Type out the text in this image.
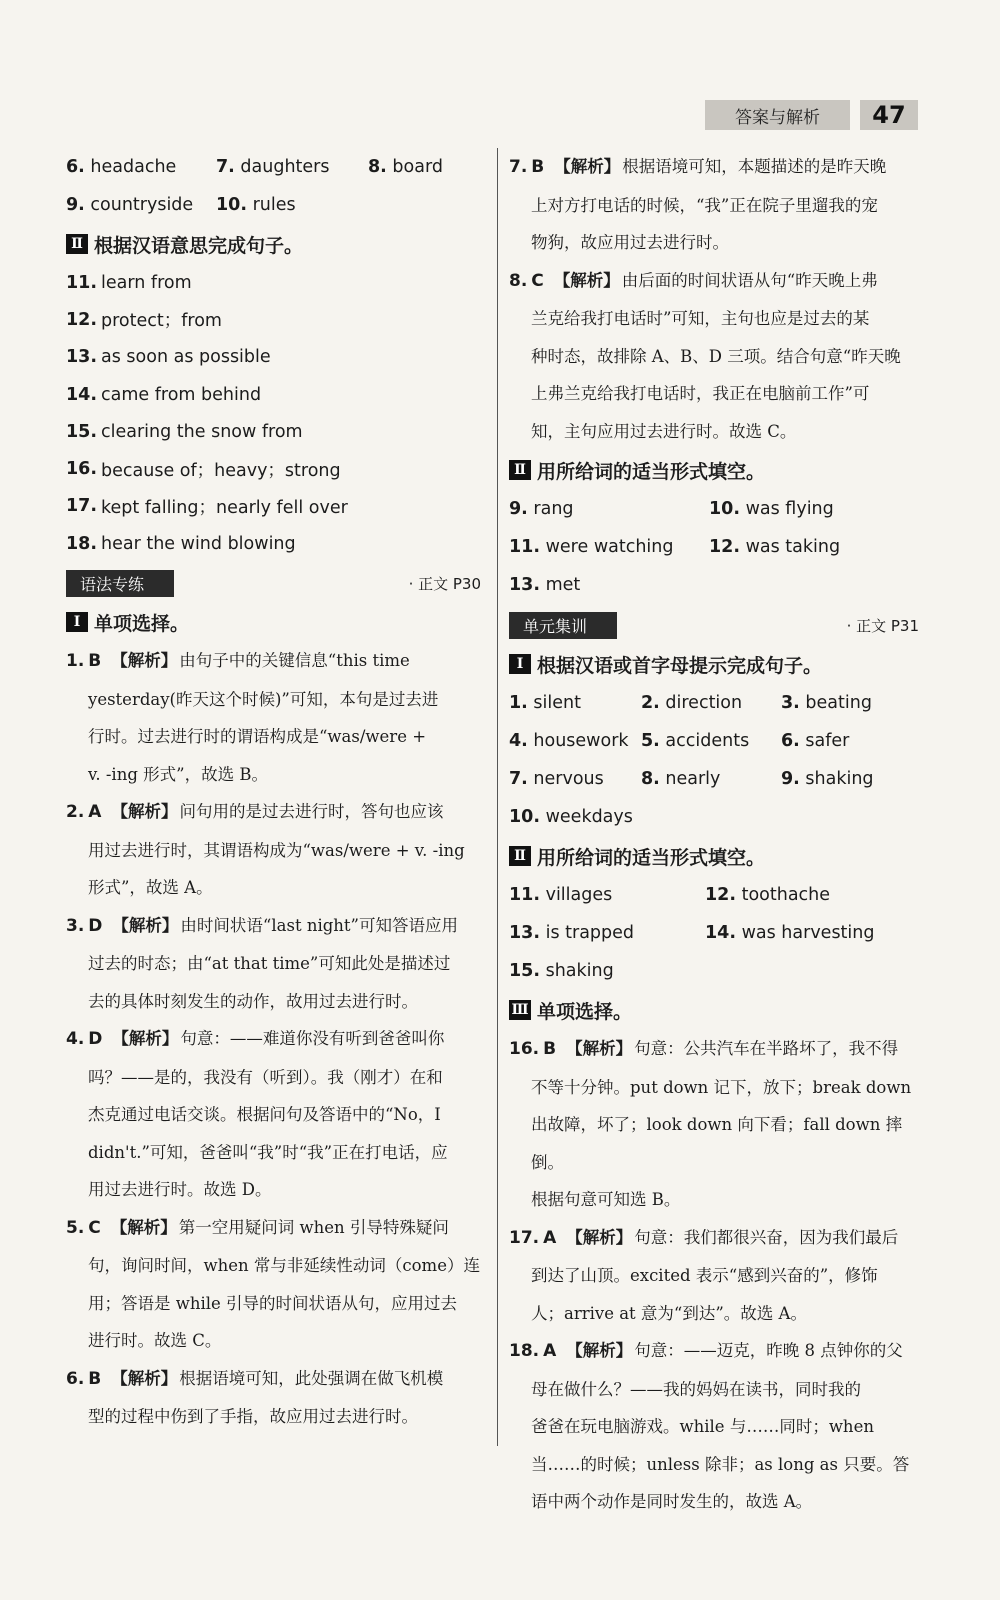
答案与解析	47
6. headache	7. daughters	8. board
9. countryside	10. rules
Ⅱ 根据汉语意思完成句子。
11. learn from
12. protect；from
13. as soon as possible
14. came from behind
15. clearing the snow from
16. because of；heavy；strong
17. kept falling；nearly fell over
18. hear the wind blowing
语法专练	· 正文 P30
Ⅰ 单项选择。
1. B 【解析】 由句子中的关键信息“this time
yesterday(昨天这个时候)”可知，本句是过去进
行时。过去进行时的谓语构成是“was/were +
v. -ing 形式”，故选 B。
2. A 【解析】 问句用的是过去进行时，答句也应该
用过去进行时，其谓语构成为“was/were + v. -ing
形式”，故选 A。
3. D 【解析】 由时间状语“last night”可知答语应用
过去的时态；由“at that time”可知此处是描述过
去的具体时刻发生的动作，故用过去进行时。
4. D 【解析】 句意：——难道你没有听到爸爸叫你
吗？——是的，我没有（听到）。我（刚才）在和
杰克通过电话交谈。根据问句及答语中的“No，I
didn't.”可知，爸爸叫“我”时“我”正在打电话，应
用过去进行时。故选 D。
5. C 【解析】 第一空用疑问词 when 引导特殊疑问
句，询问时间，when 常与非延续性动词（come）连
用；答语是 while 引导的时间状语从句，应用过去
进行时。故选 C。
6. B 【解析】 根据语境可知，此处强调在做飞机模
型的过程中伤到了手指，故应用过去进行时。
7. B 【解析】 根据语境可知，本题描述的是昨天晚
上对方打电话的时候，“我”正在院子里遛我的宠
物狗，故应用过去进行时。
8. C 【解析】 由后面的时间状语从句“昨天晚上弗
兰克给我打电话时”可知，主句也应是过去的某
种时态，故排除 A、B、D 三项。结合句意“昨天晚
上弗兰克给我打电话时，我正在电脑前工作”可
知，主句应用过去进行时。故选 C。
Ⅱ 用所给词的适当形式填空。
9. rang	10. was flying
11. were watching	12. was taking
13. met
单元集训	· 正文 P31
Ⅰ 根据汉语或首字母提示完成句子。
1. silent	2. direction	3. beating
4. housework 5. accidents	6. safer
7. nervous	8. nearly	9. shaking
10. weekdays
Ⅱ 用所给词的适当形式填空。
11. villages	12. toothache
13. is trapped	14. was harvesting
15. shaking
Ⅲ 单项选择。
16. B 【解析】 句意：公共汽车在半路坏了，我不得
不等十分钟。put down 记下，放下；break down
出故障，坏了；look down 向下看；fall down 摔倒。
根据句意可知选 B。
17. A 【解析】 句意：我们都很兴奋，因为我们最后
到达了山顶。excited 表示“感到兴奋的”，修饰
人；arrive at 意为“到达”。故选 A。
18. A 【解析】 句意：——迈克，昨晚 8 点钟你的父
母在做什么？——我的妈妈在读书，同时我的
爸爸在玩电脑游戏。while 与……同时；when
当……的时候；unless 除非；as long as 只要。答
语中两个动作是同时发生的，故选 A。
